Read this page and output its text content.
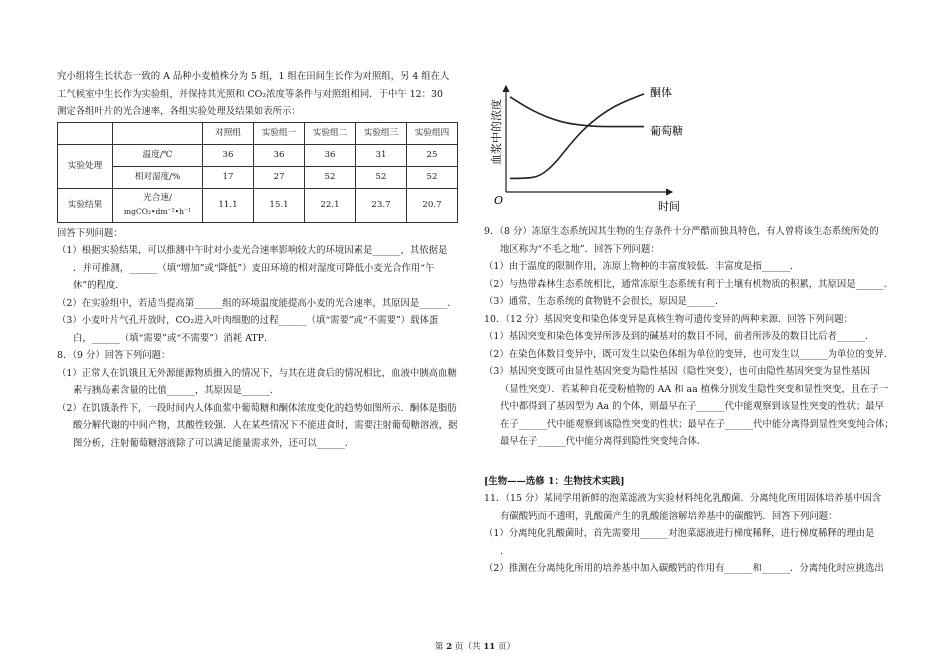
究小组将生长状态一致的 A 品种小麦植株分为 5 组，1 组在田间生长作为对照组，另 4 组在人

工气候室中生长作为实验组，并保持其光照和 CO₂浓度等条件与对照组相同．于中午 12：30

测定各组叶片的光合速率，各组实验处理及结果如表所示：

		对照组	实验组一	实验组二	实验组三	实验组四
实验处理	温度/℃	36	36	36	31	25
	相对湿度/%	17	27	52	52	52
实验结果	光合速/
mgCO₂•dm⁻²•h⁻¹	11.1	15.1	22.1	23.7	20.7

回答下列问题：

（1）根据实验结果，可以推测中午时对小麦光合速率影响较大的环境因素是______，其依据是

．并可推测，______（填“增加”或“降低”）麦田环境的相对湿度可降低小麦光合作用“午

休”的程度．

（2）在实验组中，若适当提高第______组的环境温度能提高小麦的光合速率，其原因是______．

（3）小麦叶片气孔开放时，CO₂进入叶肉细胞的过程______（填“需要”或“不需要”）载体蛋

白，______（填“需要”或“不需要”）消耗 ATP．

8．（9 分）回答下列问题：

（1）正常人在饥饿且无外源能源物质摄入的情况下，与其在进食后的情况相比，血液中胰高血糖

素与胰岛素含量的比值______，其原因是______．

（2）在饥饿条件下，一段时间内人体血浆中葡萄糖和酮体浓度变化的趋势如图所示．酮体是脂肪

酸分解代谢的中间产物，其酸性较强．人在某些情况下不能进食时，需要注射葡萄糖溶液，据

图分析，注射葡萄糖溶液除了可以满足能量需求外，还可以______．

血浆中的浓度
时间
O
酮体
葡萄糖

9．（8 分）冻原生态系统因其生物的生存条件十分严酷而独具特色，有人曾将该生态系统所处的

地区称为“不毛之地”．回答下列问题：

（1）由于温度的限制作用，冻原上物种的丰富度较低．丰富度是指______．

（2）与热带森林生态系统相比，通常冻原生态系统有利于土壤有机物质的积累，其原因是______．

（3）通常，生态系统的食物链不会很长，原因是______．

10．（12 分）基因突变和染色体变异是真核生物可遗传变异的两种来源．回答下列问题：

（1）基因突变和染色体变异所涉及到的碱基对的数目不同，前者所涉及的数目比后者______．

（2）在染色体数目变异中，既可发生以染色体组为单位的变异，也可发生以______为单位的变异．

（3）基因突变既可由显性基因突变为隐性基因（隐性突变），也可由隐性基因突变为显性基因

（显性突变）．若某种自花受粉植物的 AA 和 aa 植株分别发生隐性突变和显性突变，且在子一

代中都得到了基因型为 Aa 的个体，则最早在子______代中能观察到该显性突变的性状；最早

在子______代中能观察到该隐性突变的性状；最早在子______代中能分离得到显性突变纯合体；

最早在子______代中能分离得到隐性突变纯合体．

[生物——选修 1：生物技术实践]

11．（15 分）某同学用新鲜的泡菜滤液为实验材料纯化乳酸菌．分离纯化所用固体培养基中因含

有碳酸钙而不透明，乳酸菌产生的乳酸能溶解培养基中的碳酸钙．回答下列问题：

（1）分离纯化乳酸菌时，首先需要用______对泡菜滤液进行梯度稀释，进行梯度稀释的理由是

．

（2）推测在分离纯化所用的培养基中加入碳酸钙的作用有______和______．分离纯化时应挑选出

第 2 页（共 11 页）
